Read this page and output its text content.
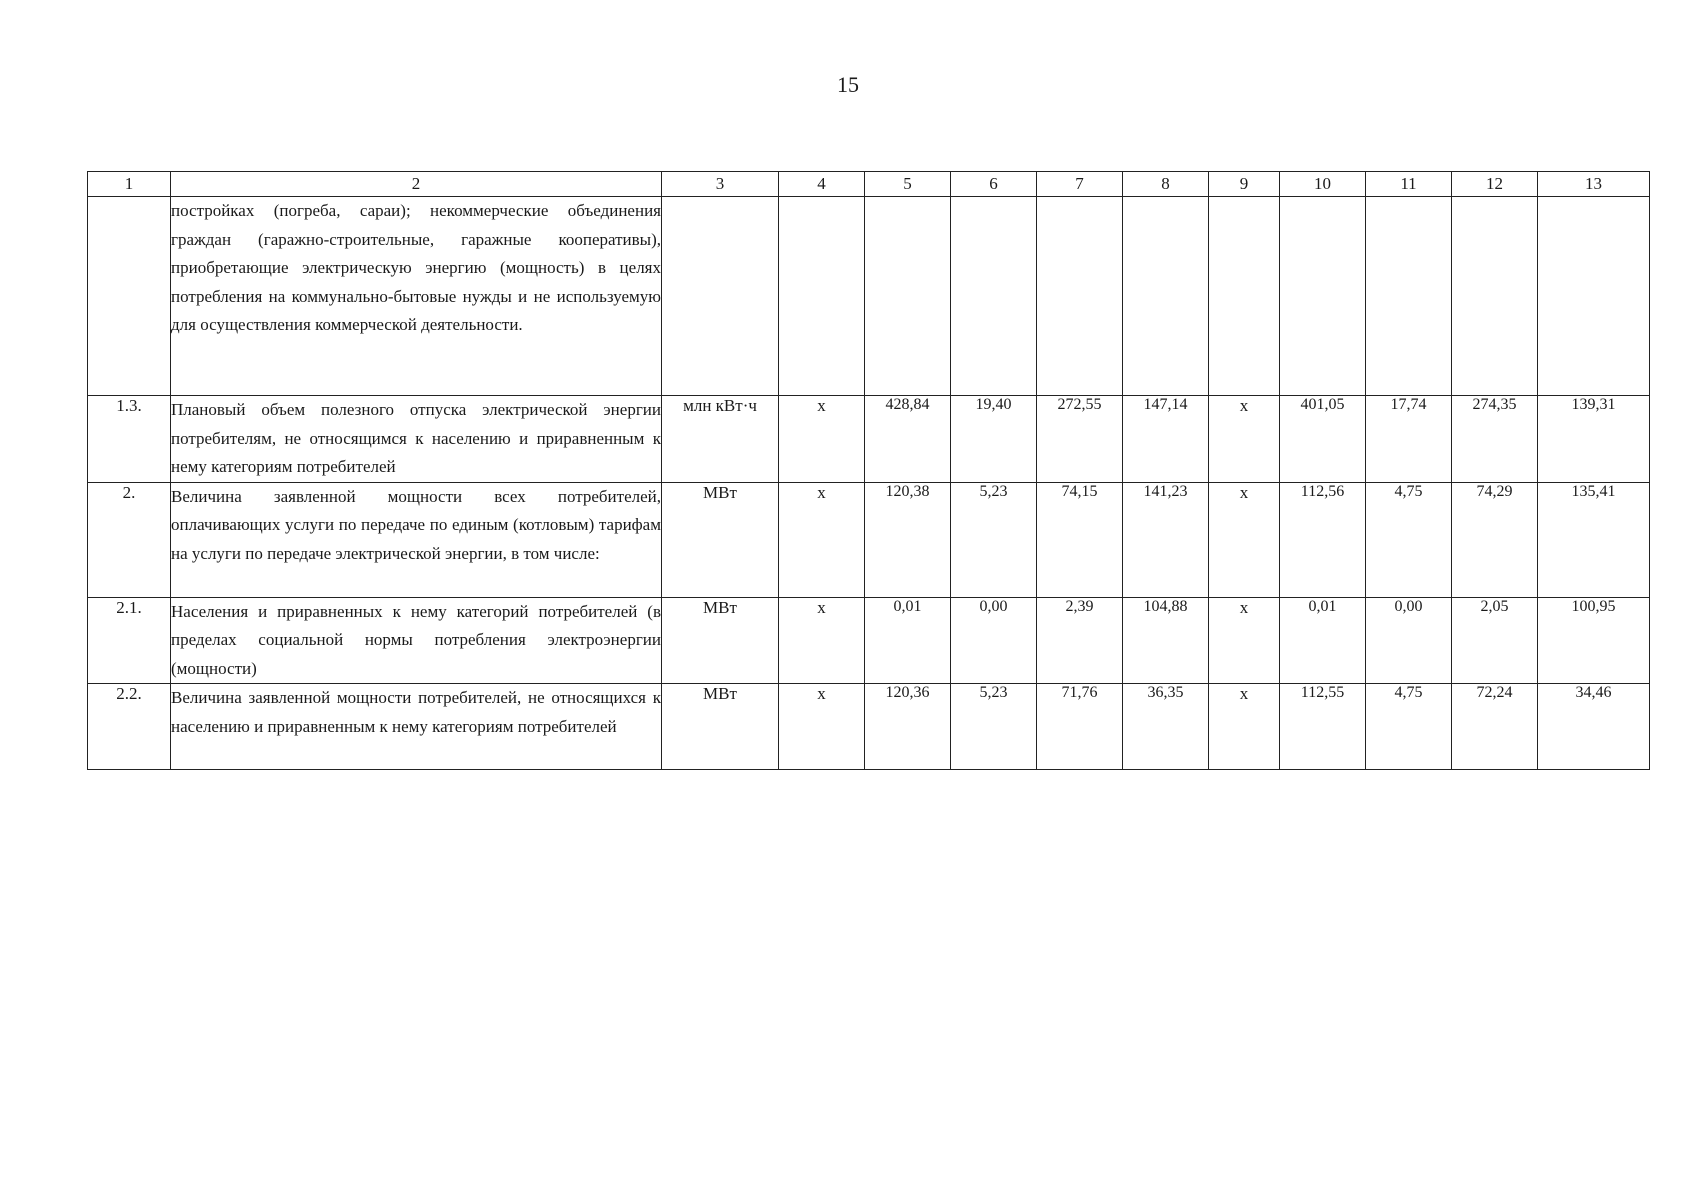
15
1	2	3	4	5	6	7	8	9	10	11	12	13
	постройках (погреба, сараи); некоммерческие объединения граждан (гаражно-строительные, гаражные кооперативы), приобретающие электрическую энергию (мощность) в целях потребления на коммунально-бытовые нужды и не используемую для осуществления коммерческой деятельности.											
1.3.	Плановый объем полезного отпуска электрической энергии потребителям, не относящимся к населению и приравненным к нему категориям потребителей	млн кВт·ч	х	428,84	19,40	272,55	147,14	х	401,05	17,74	274,35	139,31
2.	Величина заявленной мощности всех потребителей, оплачивающих услуги по передаче по единым (котловым) тарифам на услуги по передаче электрической энергии, в том числе:	МВт	х	120,38	5,23	74,15	141,23	х	112,56	4,75	74,29	135,41
2.1.	Населения и приравненных к нему категорий потребителей (в пределах социальной нормы потребления электроэнергии (мощности)	МВт	х	0,01	0,00	2,39	104,88	х	0,01	0,00	2,05	100,95
2.2.	Величина заявленной мощности потребителей, не относящихся к населению и приравненным к нему категориям потребителей	МВт	х	120,36	5,23	71,76	36,35	х	112,55	4,75	72,24	34,46
